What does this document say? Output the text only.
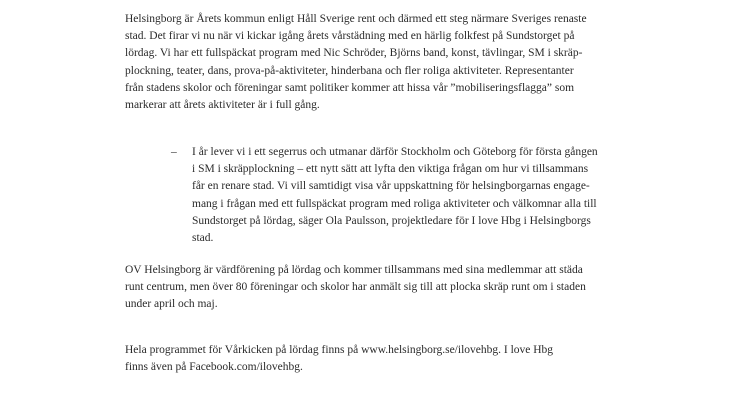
Helsingborg är Årets kommun enligt Håll Sverige rent och därmed ett steg närmare Sveriges renaste
stad. Det firar vi nu när vi kickar igång årets vårstädning med en härlig folkfest på Sundstorget på
lördag. Vi har ett fullspäckat program med Nic Schröder, Björns band, konst, tävlingar, SM i skräp-
plockning, teater, dans, prova-på-aktiviteter, hinderbana och fler roliga aktiviteter. Representanter
från stadens skolor och föreningar samt politiker kommer att hissa vår ”mobiliseringsflagga” som
markerar att årets aktiviteter är i full gång.

– I år lever vi i ett segerrus och utmanar därför Stockholm och Göteborg för första gången
i SM i skräpplockning – ett nytt sätt att lyfta den viktiga frågan om hur vi tillsammans
får en renare stad. Vi vill samtidigt visa vår uppskattning för helsingborgarnas engage-
mang i frågan med ett fullspäckat program med roliga aktiviteter och välkomnar alla till
Sundstorget på lördag, säger Ola Paulsson, projektledare för I love Hbg i Helsingborgs
stad.

OV Helsingborg är värdförening på lördag och kommer tillsammans med sina medlemmar att städa
runt centrum, men över 80 föreningar och skolor har anmält sig till att plocka skräp runt om i staden
under april och maj.

Hela programmet för Vårkicken på lördag finns på www.helsingborg.se/ilovehbg. I love Hbg
finns även på Facebook.com/ilovehbg.
